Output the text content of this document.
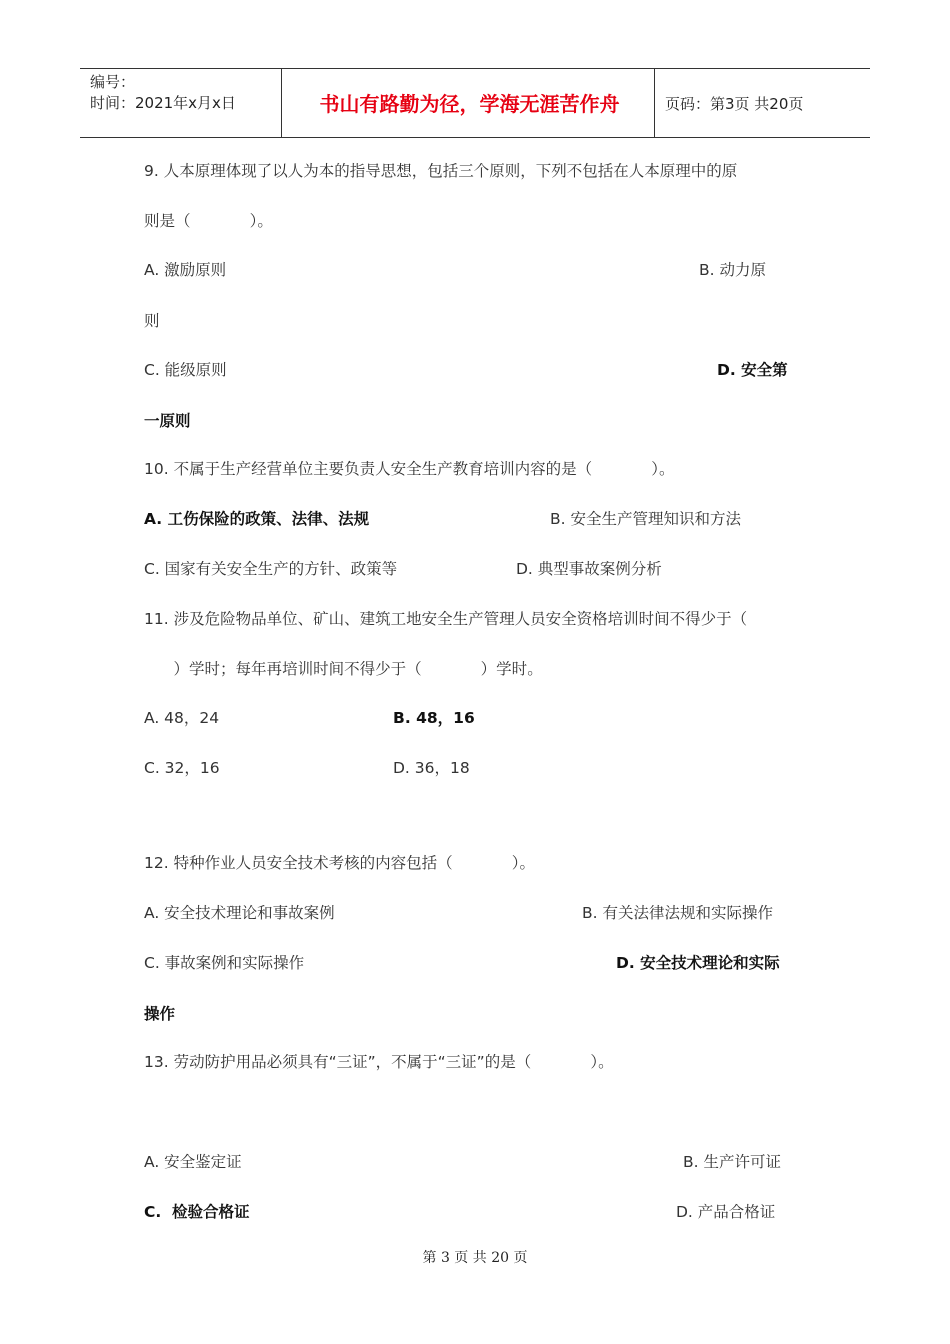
编号：
时间：2021年x月x日	书山有路勤为径，学海无涯苦作舟	页码：第3页 共20页
9. 人本原理体现了以人为本的指导思想，包括三个原则，下列不包括在人本原理中的原
则是（            ）。
A. 激励原则	B. 动力原
则
C. 能级原则	D. 安全第
一原则
10. 不属于生产经营单位主要负责人安全生产教育培训内容的是（            ）。
A. 工伤保险的政策、法律、法规	B. 安全生产管理知识和方法
C. 国家有关安全生产的方针、政策等	D. 典型事故案例分析
11. 涉及危险物品单位、矿山、建筑工地安全生产管理人员安全资格培训时间不得少于（
）学时；每年再培训时间不得少于（            ）学时。
A. 48，24	B. 48，16
C. 32，16	D. 36，18
12. 特种作业人员安全技术考核的内容包括（            ）。
A. 安全技术理论和事故案例	B. 有关法律法规和实际操作
C. 事故案例和实际操作	D. 安全技术理论和实际
操作
13. 劳动防护用品必须具有“三证”，不属于“三证”的是（            ）。
A. 安全鉴定证	B. 生产许可证
C.  检验合格证	D. 产品合格证
第 3 页 共 20 页
